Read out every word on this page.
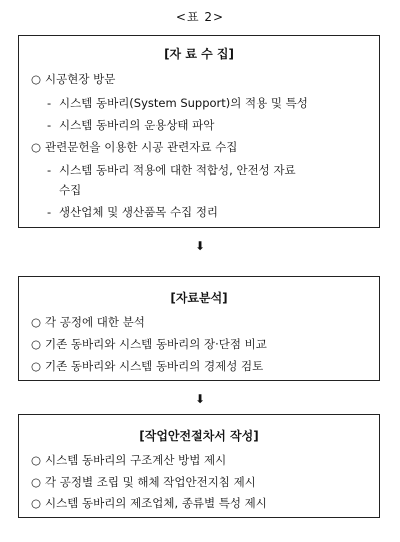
<표 2>
[자 료 수 집]
○ 시공현장 방문
- 시스템 동바리(System Support)의 적용 및 특성
- 시스템 동바리의 운용상태 파악
○ 관련문헌을 이용한 시공 관련자료 수집
- 시스템 동바리 적용에 대한 적합성, 안전성 자료
수집
- 생산업체 및 생산품목 수집 정리
⬇
[자료분석]
○ 각 공정에 대한 분석
○ 기존 동바리와 시스템 동바리의 장·단점 비교
○ 기존 동바리와 시스템 동바리의 경제성 검토
⬇
[작업안전절차서 작성]
○ 시스템 동바리의 구조계산 방법 제시
○ 각 공정별 조립 및 해체 작업안전지침 제시
○ 시스템 동바리의 제조업체, 종류별 특성 제시
